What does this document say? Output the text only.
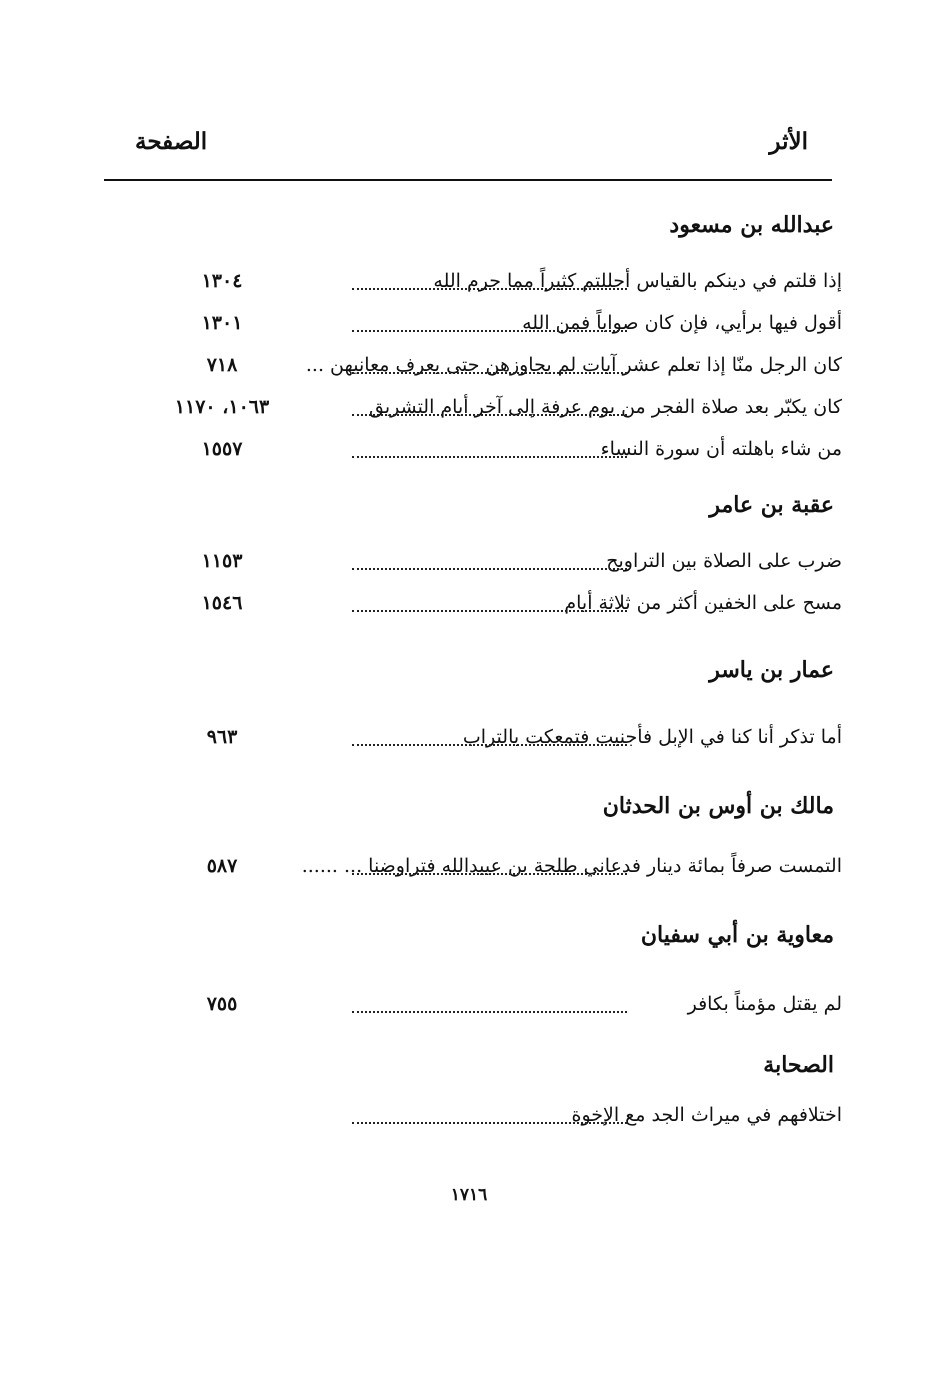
الأثر
الصفحة
عبدالله بن مسعود
إذا قلتم في دينكم بالقياس أحللتم كثيراً مما حرم الله
١٣٠٤
أقول فيها برأيي، فإن كان صواباً فمن الله
١٣٠١
كان الرجل منّا إذا تعلم عشر آيات لم يجاوزهن حتى يعرف معانيهن ...
٧١٨
كان يكبّر بعد صلاة الفجر من يوم عرفة إلى آخر أيام التشريق
١٠٦٣، ١١٧٠
من شاء باهلته أن سورة النساء
١٥٥٧
عقبة بن عامر
ضرب على الصلاة بين التراويح
١١٥٣
مسح على الخفين أكثر من ثلاثة أيام
١٥٤٦
عمار بن ياسر
أما تذكر أنا كنا في الإبل فأجنبت فتمعكت بالتراب
٩٦٣
مالك بن أوس بن الحدثان
التمست صرفاً بمائة دينار فدعاني طلحة بن عبيدالله فتراوضنا ... ......
٥٨٧
معاوية بن أبي سفيان
لم يقتل مؤمناً بكافر
٧٥٥
الصحابة
اختلافهم في ميراث الجد مع الإخوة
١٧١٦
